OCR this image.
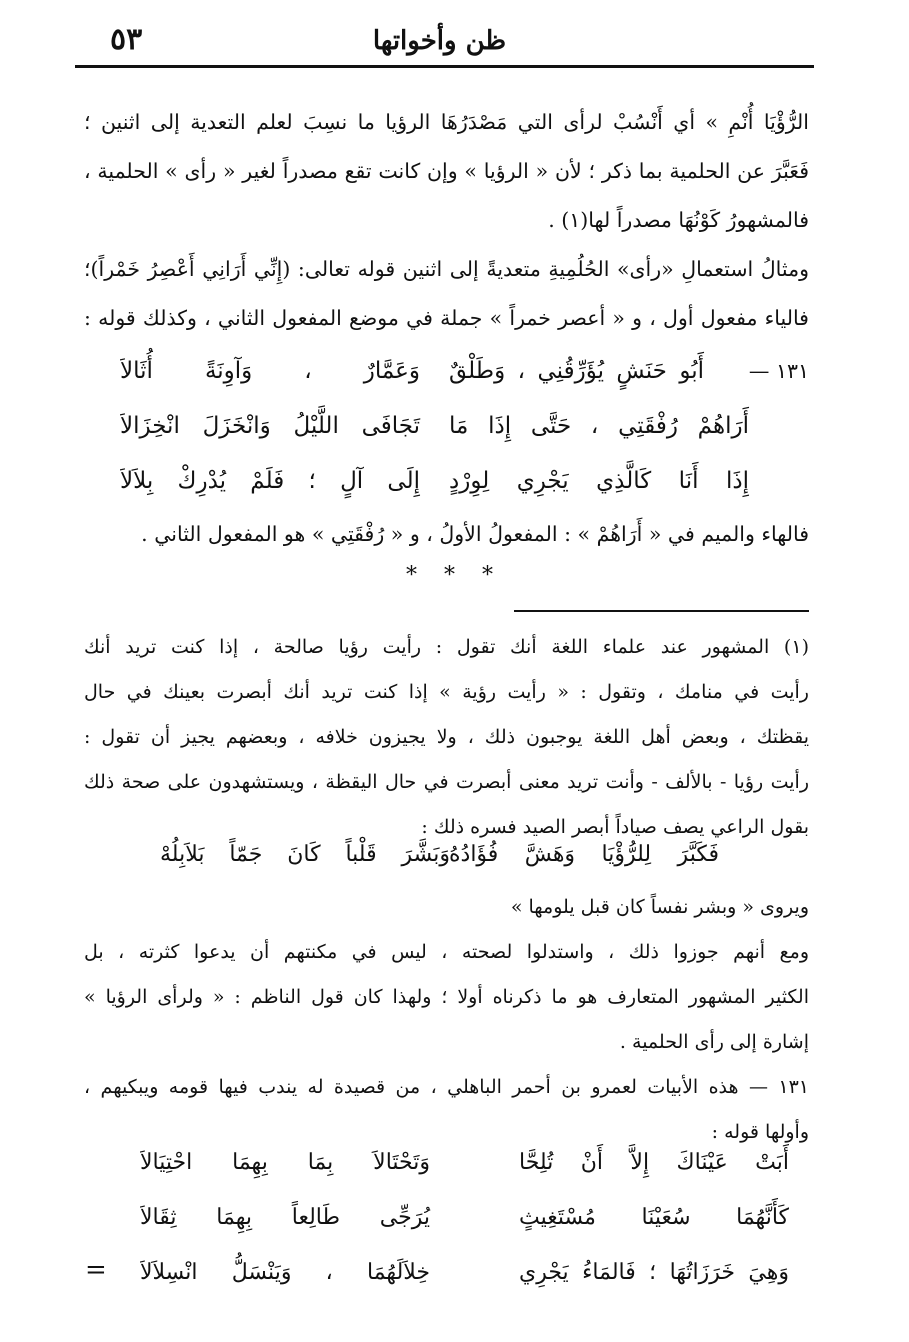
ظن وأخواتها
٥٣
الرُّؤْيَا أُنْمِ » أي أَنْسُبْ لرأى التي مَصْدَرُهَا الرؤيا ما نسِبَ لعلم التعدية إلى اثنين ؛
فَعَبَّرَ عن الحلمية بما ذكر ؛ لأن « الرؤيا » وإن كانت تقع مصدراً لغير « رأى » الحلمية ،
فالمشهورُ كَوْنُهَا مصدراً لها(١) .
ومثالُ استعمالِ «رأى» الحُلُمِيةِ متعديةً إلى اثنين قوله تعالى: (إِنِّي أَرَانِي أَعْصِرُ خَمْراً)؛
فالياء مفعول أول ، و « أعصر خمراً » جملة في موضع المفعول الثاني ، وكذلك قوله :
١٣١ —
أَبُو حَنَشٍ يُؤَرِّقُنِي ، وَطَلْقٌ
وَعَمَّارٌ ، وَآوِنَةً أُثَالاَ
أَرَاهُمْ رُفْقَتِي ، حَتَّى إِذَا مَا
تَجَافَى اللَّيْلُ وَانْخَزَلَ انْخِزَالاَ
إِذَا أَنَا كَالَّذِي يَجْرِي لِوِرْدٍ
إِلَى آلٍ ؛ فَلَمْ يُدْرِكْ بِلاَلاَ
فالهاء والميم في « أَرَاهُمْ » : المفعولُ الأولُ ، و « رُفْقَتِي » هو المفعول الثاني .
* * *
(١) المشهور عند علماء اللغة أنك تقول : رأيت رؤيا صالحة ، إذا كنت تريد أنك
رأيت في منامك ، وتقول : « رأيت رؤية » إذا كنت تريد أنك أبصرت بعينك في حال
يقظتك ، وبعض أهل اللغة يوجبون ذلك ، ولا يجيزون خلافه ، وبعضهم يجيز أن تقول :
رأيت رؤيا - بالألف - وأنت تريد معنى أبصرت في حال اليقظة ، ويستشهدون على صحة ذلك
بقول الراعي يصف صياداً أبصر الصيد فسره ذلك :
فَكَبَّرَ لِلرُّؤْيَا وَهَشَّ فُؤَادُهُ
وَبَشَّرَ قَلْباً كَانَ جَمّاً بَلاَبِلُهْ
ويروى « وبشر نفساً كان قبل يلومها »
ومع أنهم جوزوا ذلك ، واستدلوا لصحته ، ليس في مكنتهم أن يدعوا كثرته ، بل
الكثير المشهور المتعارف هو ما ذكرناه أولا ؛ ولهذا كان قول الناظم : « ولرأى الرؤيا »
إشارة إلى رأى الحلمية .
١٣١ — هذه الأبيات لعمرو بن أحمر الباهلي ، من قصيدة له يندب فيها قومه ويبكيهم ،
وأولها قوله :
أَبَتْ عَيْنَاكَ إِلاَّ أَنْ تُلِحَّا
وَتَحْتَالاَ بِمَا بِهِمَا احْتِيَالاَ
كَأَنَّهُمَا سُعَيْنَا مُسْتَغِيثٍ
يُرَجِّى طَالِعاً بِهِمَا ثِقَالاَ
وَهِيَ خَرَزَاتُهَا ؛ فَالمَاءُ يَجْرِي
خِلاَلَهُمَا ، وَيَنْسَلُّ انْسِلاَلاَ
=
